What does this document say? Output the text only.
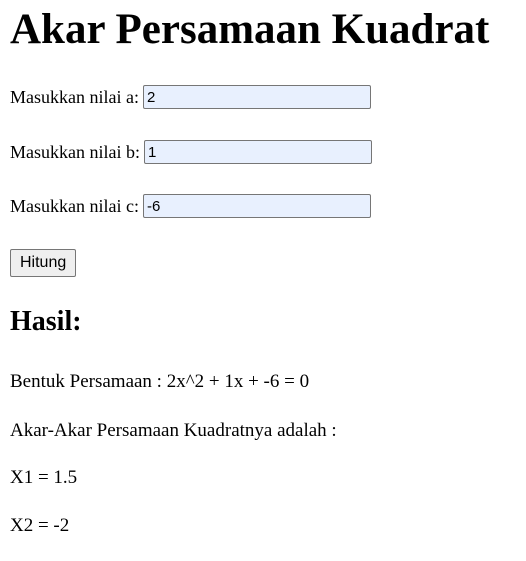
Akar Persamaan Kuadrat
Masukkan nilai a:
2
Masukkan nilai b:
1
Masukkan nilai c:
-6
Hitung
Hasil:

Bentuk Persamaan : 2x^2 + 1x + -6 = 0

Akar-Akar Persamaan Kuadratnya adalah :

X1 = 1.5

X2 = -2
